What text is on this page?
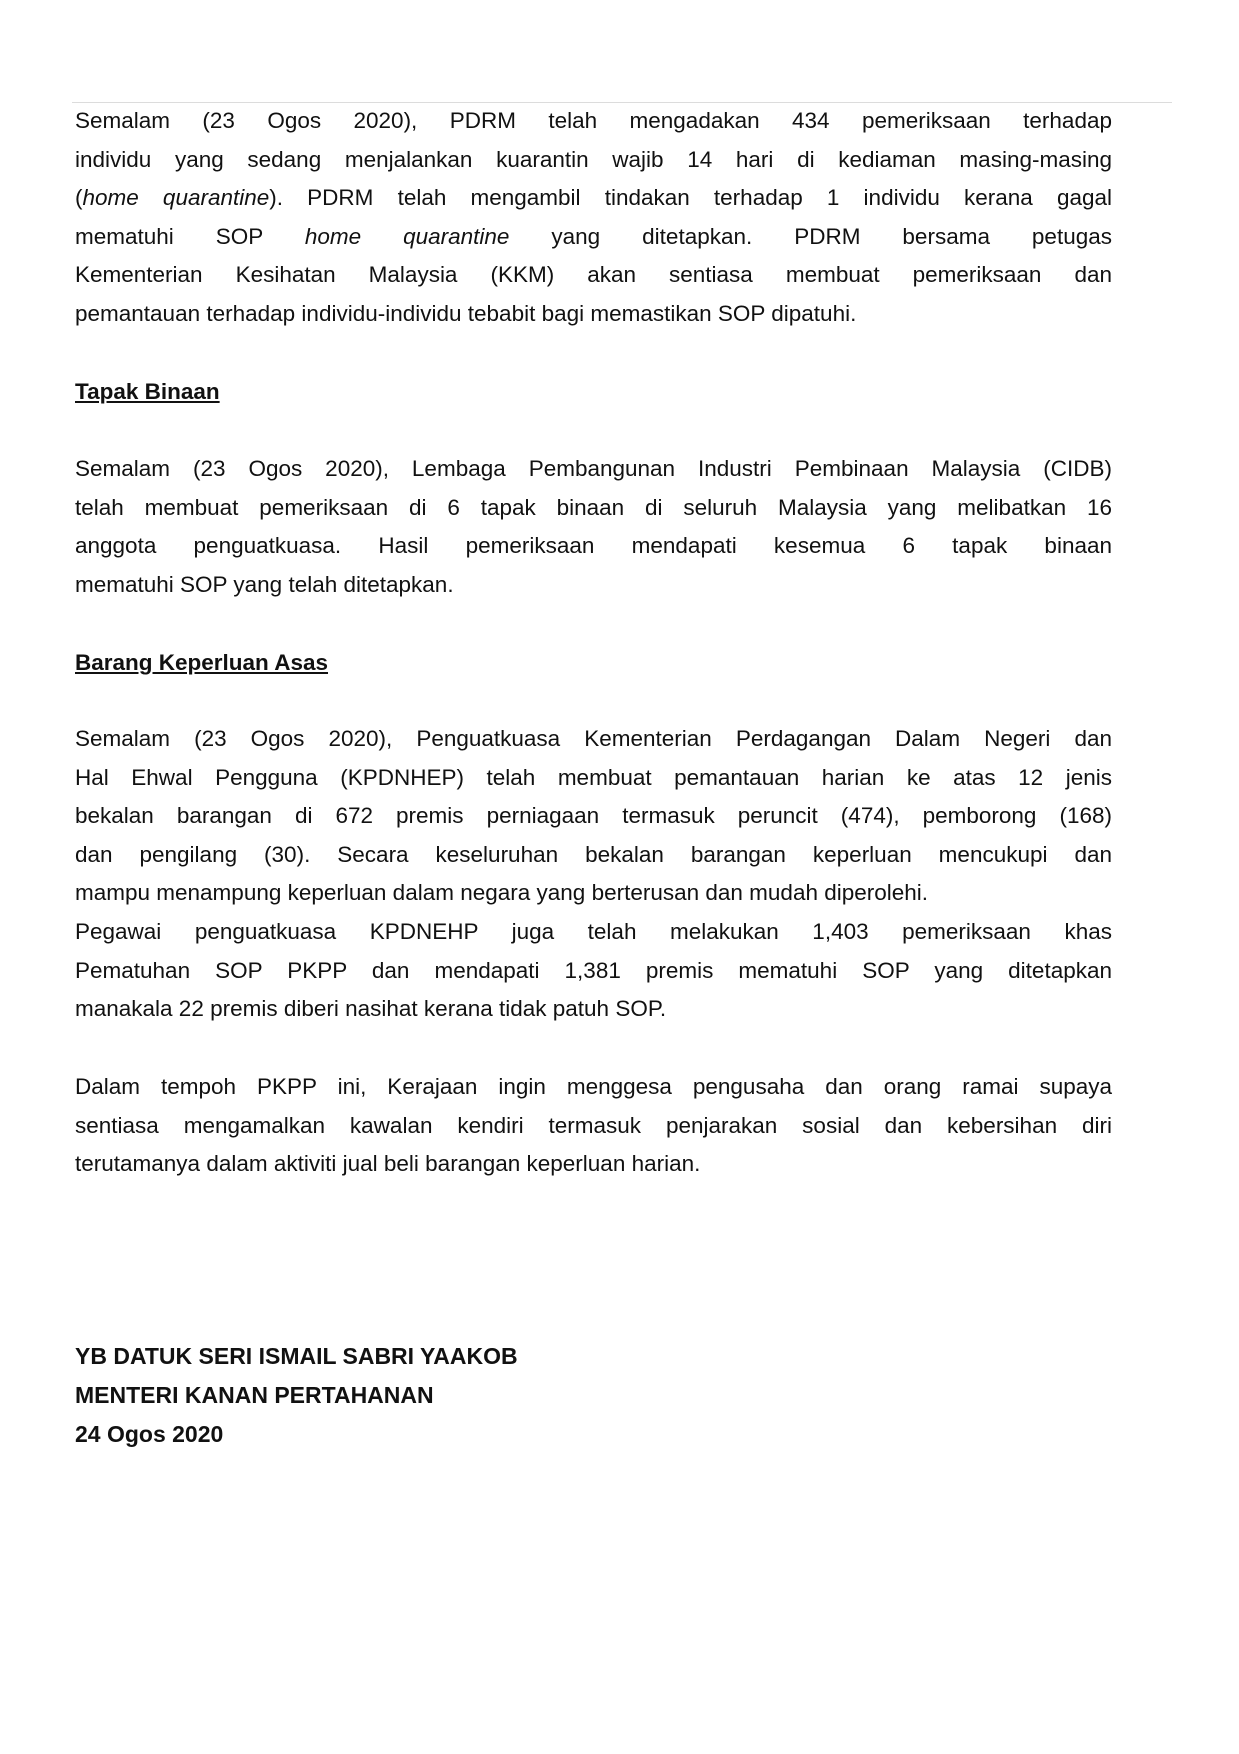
Semalam (23 Ogos 2020), PDRM telah mengadakan 434 pemeriksaan terhadap
individu yang sedang menjalankan kuarantin wajib 14 hari di kediaman masing-masing
(home quarantine). PDRM telah mengambil tindakan terhadap 1 individu kerana gagal
mematuhi SOP home quarantine yang ditetapkan. PDRM bersama petugas
Kementerian Kesihatan Malaysia (KKM) akan sentiasa membuat pemeriksaan dan
pemantauan terhadap individu-individu tebabit bagi memastikan SOP dipatuhi.
Tapak Binaan
Semalam (23 Ogos 2020), Lembaga Pembangunan Industri Pembinaan Malaysia (CIDB)
telah membuat pemeriksaan di 6 tapak binaan di seluruh Malaysia yang melibatkan 16
anggota penguatkuasa. Hasil pemeriksaan mendapati kesemua 6 tapak binaan
mematuhi SOP yang telah ditetapkan.
Barang Keperluan Asas
Semalam (23 Ogos 2020), Penguatkuasa Kementerian Perdagangan Dalam Negeri dan
Hal Ehwal Pengguna (KPDNHEP) telah membuat pemantauan harian ke atas 12 jenis
bekalan barangan di 672 premis perniagaan termasuk peruncit (474), pemborong (168)
dan pengilang (30). Secara keseluruhan bekalan barangan keperluan mencukupi dan
mampu menampung keperluan dalam negara yang berterusan dan mudah diperolehi.
Pegawai penguatkuasa KPDNEHP juga telah melakukan 1,403 pemeriksaan khas
Pematuhan SOP PKPP dan mendapati 1,381 premis mematuhi SOP yang ditetapkan
manakala 22 premis diberi nasihat kerana tidak patuh SOP.
Dalam tempoh PKPP ini, Kerajaan ingin menggesa pengusaha dan orang ramai supaya
sentiasa mengamalkan kawalan kendiri termasuk penjarakan sosial dan kebersihan diri
terutamanya dalam aktiviti jual beli barangan keperluan harian.
YB DATUK SERI ISMAIL SABRI YAAKOB
MENTERI KANAN PERTAHANAN
24 Ogos 2020
